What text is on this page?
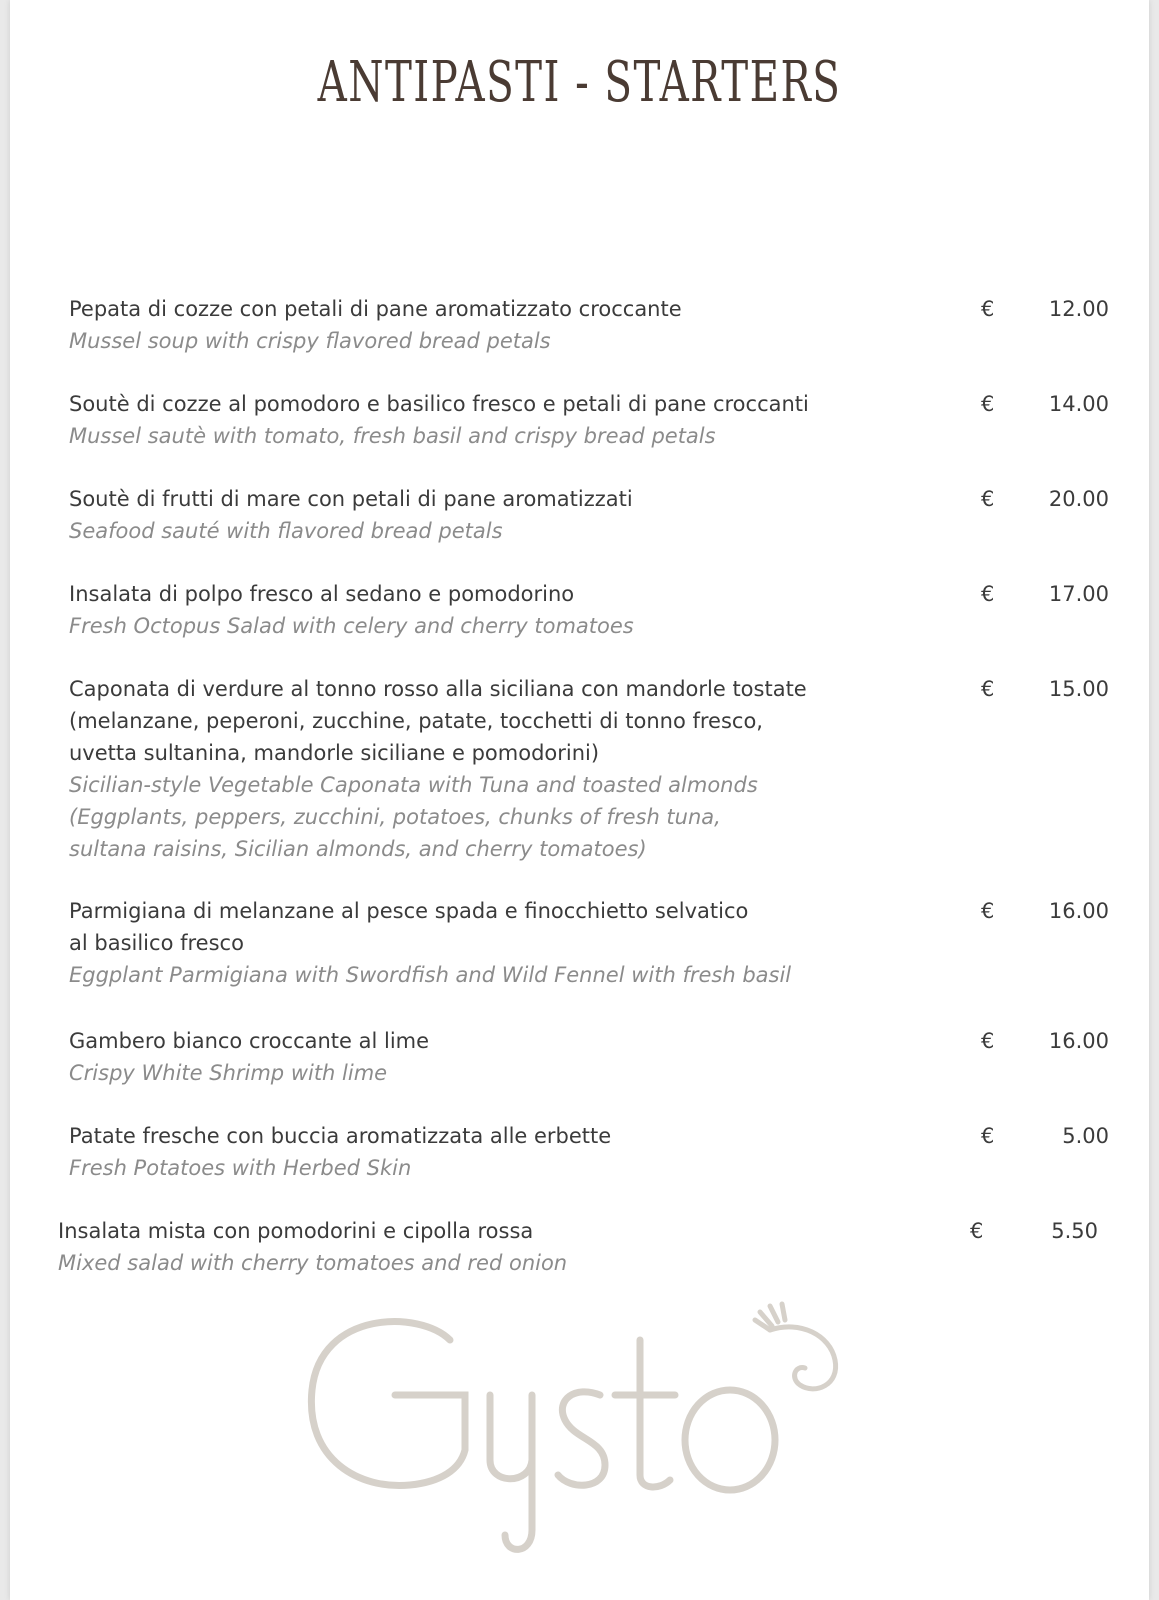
ANTIPASTI - STARTERS
Pepata di cozze con petali di pane aromatizzato croccante
Mussel soup with crispy flavored bread petals
€	12.00
Soutè di cozze al pomodoro e basilico fresco e petali di pane croccanti
Mussel sautè with tomato, fresh basil and crispy bread petals
€	14.00
Soutè di frutti di mare con petali di pane aromatizzati
Seafood sauté with flavored bread petals
€	20.00
Insalata di polpo fresco al sedano e pomodorino
Fresh Octopus Salad with celery and cherry tomatoes
€	17.00
Caponata di verdure al tonno rosso alla siciliana con mandorle tostate
(melanzane, peperoni, zucchine, patate, tocchetti di tonno fresco,
uvetta sultanina, mandorle siciliane e pomodorini)
Sicilian-style Vegetable Caponata with Tuna and toasted almonds
(Eggplants, peppers, zucchini, potatoes, chunks of fresh tuna,
sultana raisins, Sicilian almonds, and cherry tomatoes)
€	15.00
Parmigiana di melanzane al pesce spada e finocchietto selvatico
al basilico fresco
Eggplant Parmigiana with Swordfish and Wild Fennel with fresh basil
€	16.00
Gambero bianco croccante al lime
Crispy White Shrimp with lime
€	16.00
Patate fresche con buccia aromatizzata alle erbette
Fresh Potatoes with Herbed Skin
€	5.00
Insalata mista con pomodorini e cipolla rossa
Mixed salad with cherry tomatoes and red onion
€	5.50
Gusto
